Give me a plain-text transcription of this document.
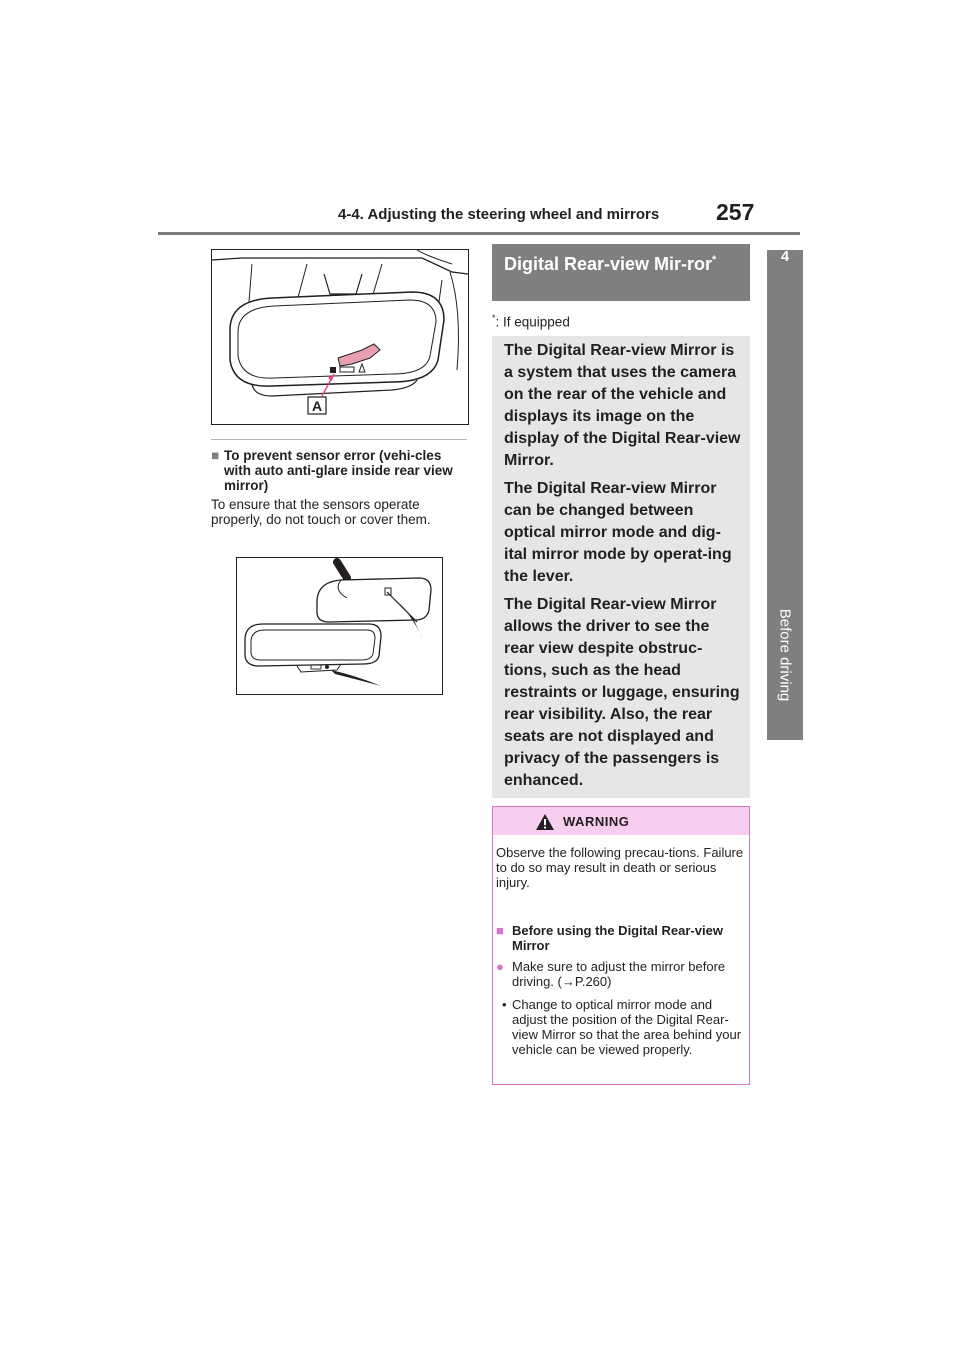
4-4. Adjusting the steering wheel and mirrors 257
4
Before driving
A
■ To prevent sensor error (vehi-cles with auto anti-glare inside rear view mirror)
To ensure that the sensors operate properly, do not touch or cover them.
Digital Rear-view Mir-ror*
*: If equipped
The Digital Rear-view Mirror is a system that uses the camera on the rear of the vehicle and displays its image on the display of the Digital Rear-view Mirror.
The Digital Rear-view Mirror can be changed between optical mirror mode and dig-ital mirror mode by operat-ing the lever.
The Digital Rear-view Mirror allows the driver to see the rear view despite obstruc-tions, such as the head restraints or luggage, ensuring rear visibility. Also, the rear seats are not displayed and privacy of the passengers is enhanced.
WARNING
Observe the following precau-tions. Failure to do so may result in death or serious injury.
■ Before using the Digital Rear-view Mirror
● Make sure to adjust the mirror before driving. (→P.260)
• Change to optical mirror mode and adjust the position of the Digital Rear-view Mirror so that the area behind your vehicle can be viewed properly.
